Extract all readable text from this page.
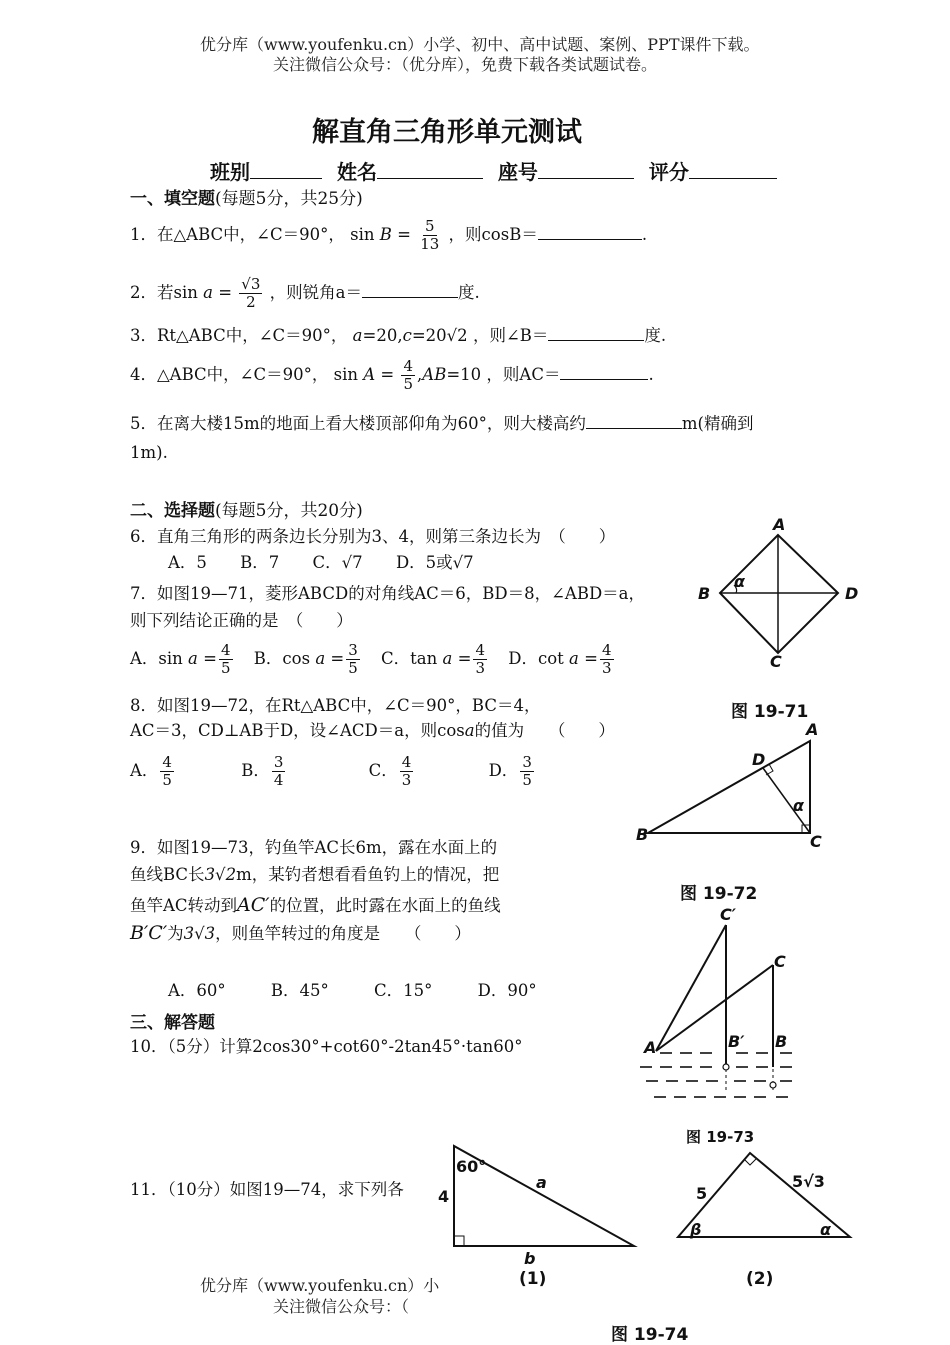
优分库（www.youfenku.cn）小学、初中、高中试题、案例、PPT课件下载。
关注微信公众号：（优分库），免费下载各类试题试卷。
解直角三角形单元测试
班别	姓名	座号	评分
一、填空题(每题5分，共25分)
1．在△ABC中，∠C＝90°， $\sin B = \frac{5}{13}$ ，则cosB＝	.
2．若$\sin a = \frac{√3}{2}$ ，则锐角a＝	度.
3．Rt△ABC中，∠C＝90°， a=20,c=20√2 ，则∠B＝	度.
4．△ABC中，∠C＝90°， $\sin A = \frac{4}{5} ,AB=10$ ，则AC＝	.
5．在离大楼15m的地面上看大楼顶部仰角为60°，则大楼高约	m(精确到
1m).
二、选择题(每题5分，共20分)
6．直角三角形的两条边长分别为3、4，则第三条边长为　（　　）
A．5 B．7 C．√7 D．5或√7
7．如图19—71，菱形ABCD的对角线AC＝6，BD＝8，∠ABD＝a，
则下列结论正确的是　（　　）
A．$\sin a = \frac{4}{5}$ B．$\cos a = \frac{3}{5}$ C．$\tan a = \frac{4}{3}$ D．$\cot a = \frac{4}{3}$
8．如图19—72，在Rt△ABC中，∠C＝90°，BC＝4，
AC＝3，CD⊥AB于D，设∠ACD＝a，则cosa的值为　　（　　）
A． $\frac{4}{5}$	B． $\frac{3}{4}$	C． $\frac{4}{3}$	D． $\frac{3}{5}$
9．如图19—73，钓鱼竿AC长6m，露在水面上的
鱼线BC长3√2m，某钓者想看看鱼钓上的情况，把
鱼竿AC转动到AC′的位置，此时露在水面上的鱼线
B′C′为3√3，则鱼竿转过的角度是　　（　　）
A．60°	B．45°	C．15°	D．90°
三、解答题
10．（5分）计算2cos30°+cot60°-2tan45°·tan60°
11．（10分）如图19—74，求下列各
优分库（www.youfenku.cn）小
关注微信公众号：（
A
B
C
D
α
图 19-71
A
B	C
D
α
图 19-72
C′
C
A	B′ B
图 19-73
60°
4
a
b
(1)
5
5√3
β	α
(2)
图 19-74
